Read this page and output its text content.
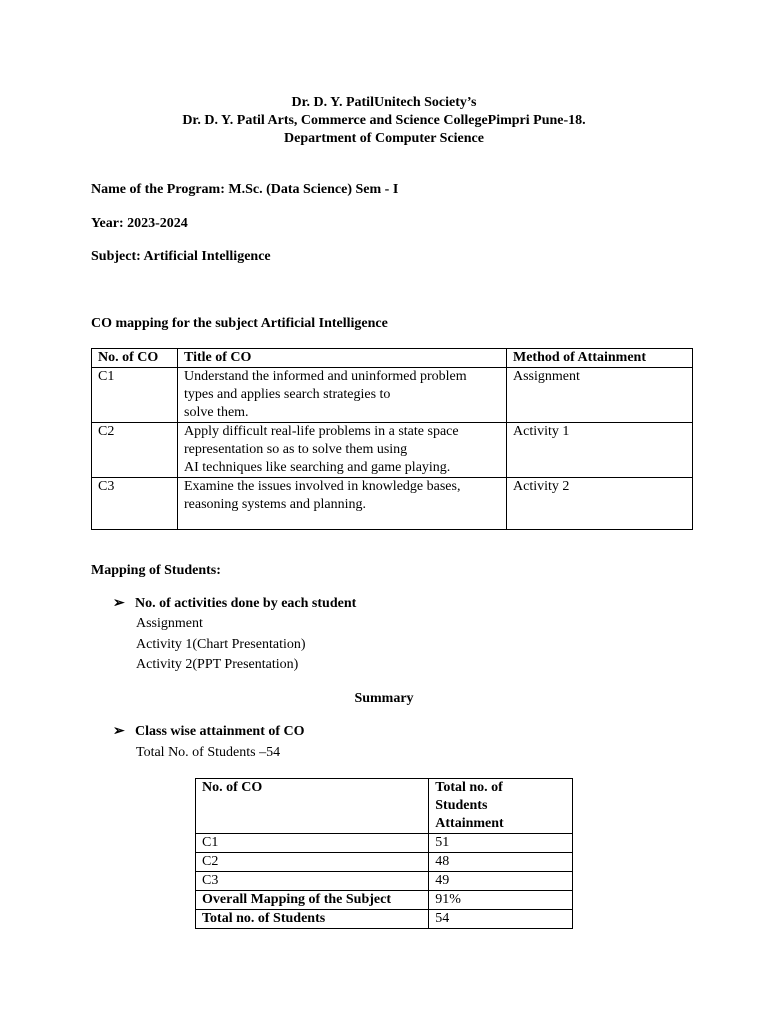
Dr. D. Y. PatilUnitech Society’s
Dr. D. Y. Patil Arts, Commerce and Science CollegePimpri Pune-18.
Department of Computer Science
Name of the Program: M.Sc. (Data Science) Sem - I
Year: 2023-2024
Subject: Artificial Intelligence
CO mapping for the subject Artificial Intelligence
No. of CO	Title of CO	Method of Attainment
C1	Understand the informed and uninformed problem
types and applies search strategies to
solve them.	Assignment
C2	Apply difficult real-life problems in a state space
representation so as to solve them using
AI techniques like searching and game playing.	Activity 1
C3	Examine the issues involved in knowledge bases,
reasoning systems and planning.	Activity 2
Mapping of Students:
➢ No. of activities done by each student
Assignment
Activity 1(Chart Presentation)
Activity 2(PPT Presentation)
Summary
➢ Class wise attainment of CO
Total No. of Students –54
No. of CO	Total no. of
Students
Attainment

C1	51
C2	48
C3	49
Overall Mapping of the Subject	91%
Total no. of Students	54
